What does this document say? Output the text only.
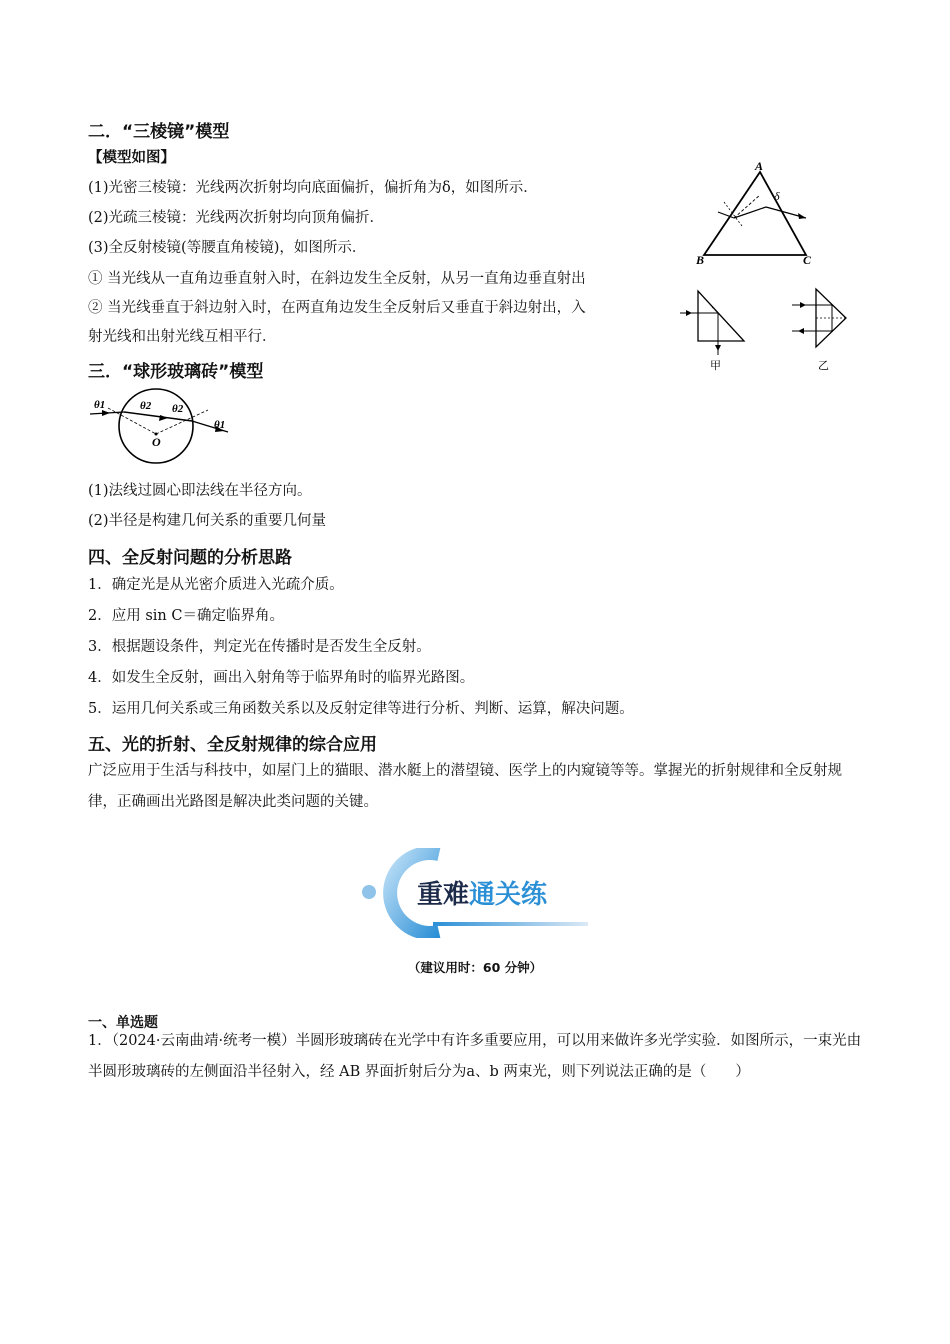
二．“三棱镜”模型
【模型如图】
(1)光密三棱镜：光线两次折射均向底面偏折，偏折角为δ，如图所示．
(2)光疏三棱镜：光线两次折射均向顶角偏折．
(3)全反射棱镜(等腰直角棱镜)，如图所示．
① 当光线从一直角边垂直射入时，在斜边发生全反射，从另一直角边垂直射出
② 当光线垂直于斜边射入时，在两直角边发生全反射后又垂直于斜边射出，入
射光线和出射光线互相平行．
A
B	C
δ
甲	乙
三．“球形玻璃砖”模型
θ1	θ2 θ2
θ1
O
(1)法线过圆心即法线在半径方向。
(2)半径是构建几何关系的重要几何量
四、全反射问题的分析思路
1．确定光是从光密介质进入光疏介质。
2．应用 sin C＝确定临界角。
3．根据题设条件，判定光在传播时是否发生全反射。
4．如发生全反射，画出入射角等于临界角时的临界光路图。
5．运用几何关系或三角函数关系以及反射定律等进行分析、判断、运算，解决问题。
五、光的折射、全反射规律的综合应用
广泛应用于生活与科技中，如屋门上的猫眼、潜水艇上的潜望镜、医学上的内窥镜等等。掌握光的折射规律和全反射规律，正确画出光路图是解决此类问题的关键。
重难通关练
（建议用时：60 分钟）
一、单选题
1．（2024·云南曲靖·统考一模）半圆形玻璃砖在光学中有许多重要应用，可以用来做许多光学实验．如图所示，一束光由半圆形玻璃砖的左侧面沿半径射入，经 AB 界面折射后分为a、b 两束光，则下列说法正确的是（　　）
